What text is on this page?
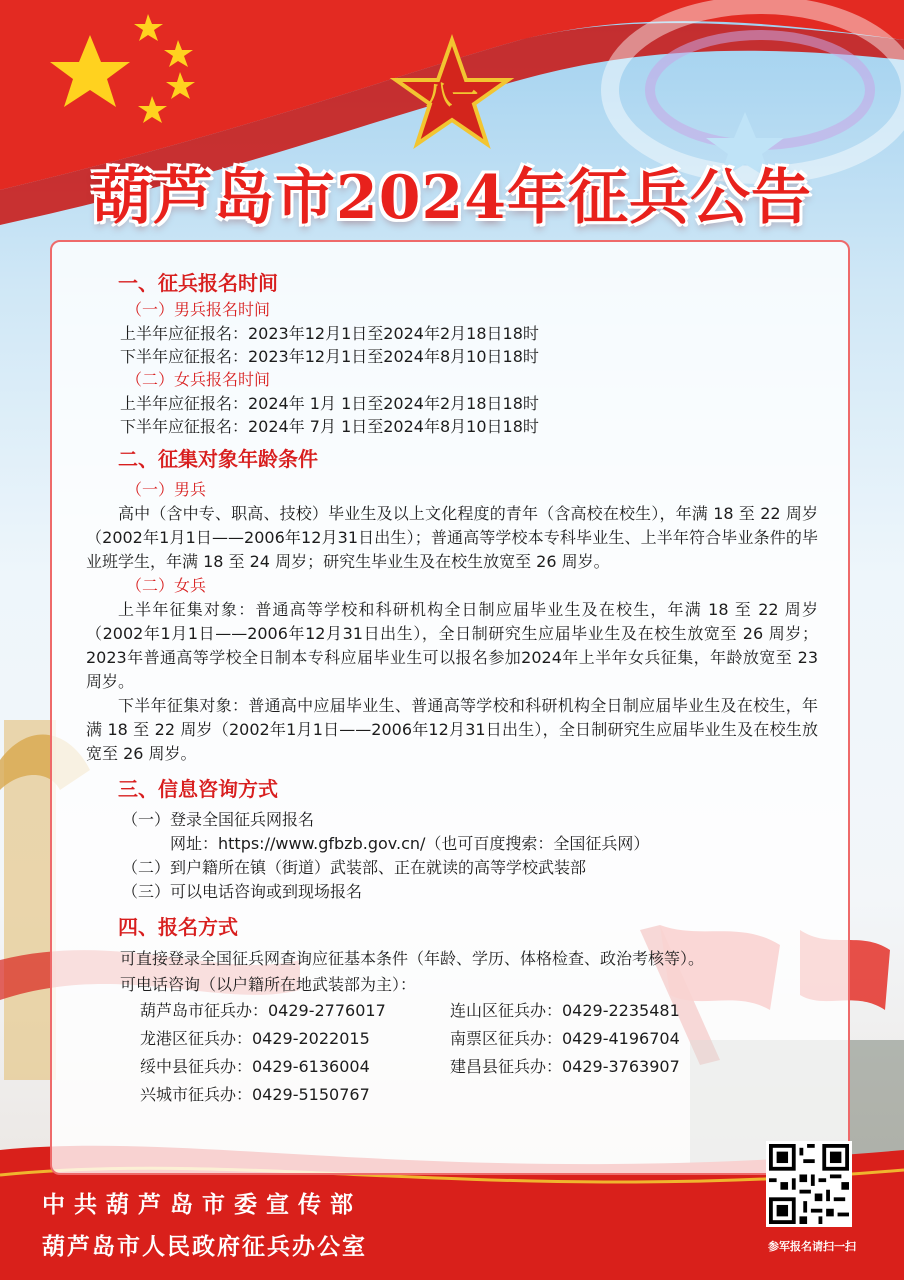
八一
葫芦岛市2024年征兵公告
一、征兵报名时间
（一）男兵报名时间
上半年应征报名：2023年12月1日至2024年2月18日18时
下半年应征报名：2023年12月1日至2024年8月10日18时
（二）女兵报名时间
上半年应征报名：2024年 1月 1日至2024年2月18日18时
下半年应征报名：2024年 7月 1日至2024年8月10日18时
二、征集对象年龄条件
（一）男兵
高中（含中专、职高、技校）毕业生及以上文化程度的青年（含高校在校生），年满 18 至 22 周岁（2002年1月1日——2006年12月31日出生）；普通高等学校本专科毕业生、上半年符合毕业条件的毕业班学生，年满 18 至 24 周岁；研究生毕业生及在校生放宽至 26 周岁。
（二）女兵
上半年征集对象：普通高等学校和科研机构全日制应届毕业生及在校生，年满 18 至 22 周岁（2002年1月1日——2006年12月31日出生），全日制研究生应届毕业生及在校生放宽至 26 周岁；2023年普通高等学校全日制本专科应届毕业生可以报名参加2024年上半年女兵征集，年龄放宽至 23 周岁。
下半年征集对象：普通高中应届毕业生、普通高等学校和科研机构全日制应届毕业生及在校生，年满 18 至 22 周岁（2002年1月1日——2006年12月31日出生），全日制研究生应届毕业生及在校生放宽至 26 周岁。
三、信息咨询方式
（一）登录全国征兵网报名
网址：https://www.gfbzb.gov.cn/（也可百度搜索：全国征兵网）
（二）到户籍所在镇（街道）武装部、正在就读的高等学校武装部
（三）可以电话咨询或到现场报名
四、报名方式
可直接登录全国征兵网查询应征基本条件（年龄、学历、体格检查、政治考核等）。
可电话咨询（以户籍所在地武装部为主）：
葫芦岛市征兵办：0429-2776017	连山区征兵办：0429-2235481
龙港区征兵办：0429-2022015	南票区征兵办：0429-4196704
绥中县征兵办：0429-6136004	建昌县征兵办：0429-3763907
兴城市征兵办：0429-5150767
中共葫芦岛市委宣传部
葫芦岛市人民政府征兵办公室	参军报名请扫一扫
